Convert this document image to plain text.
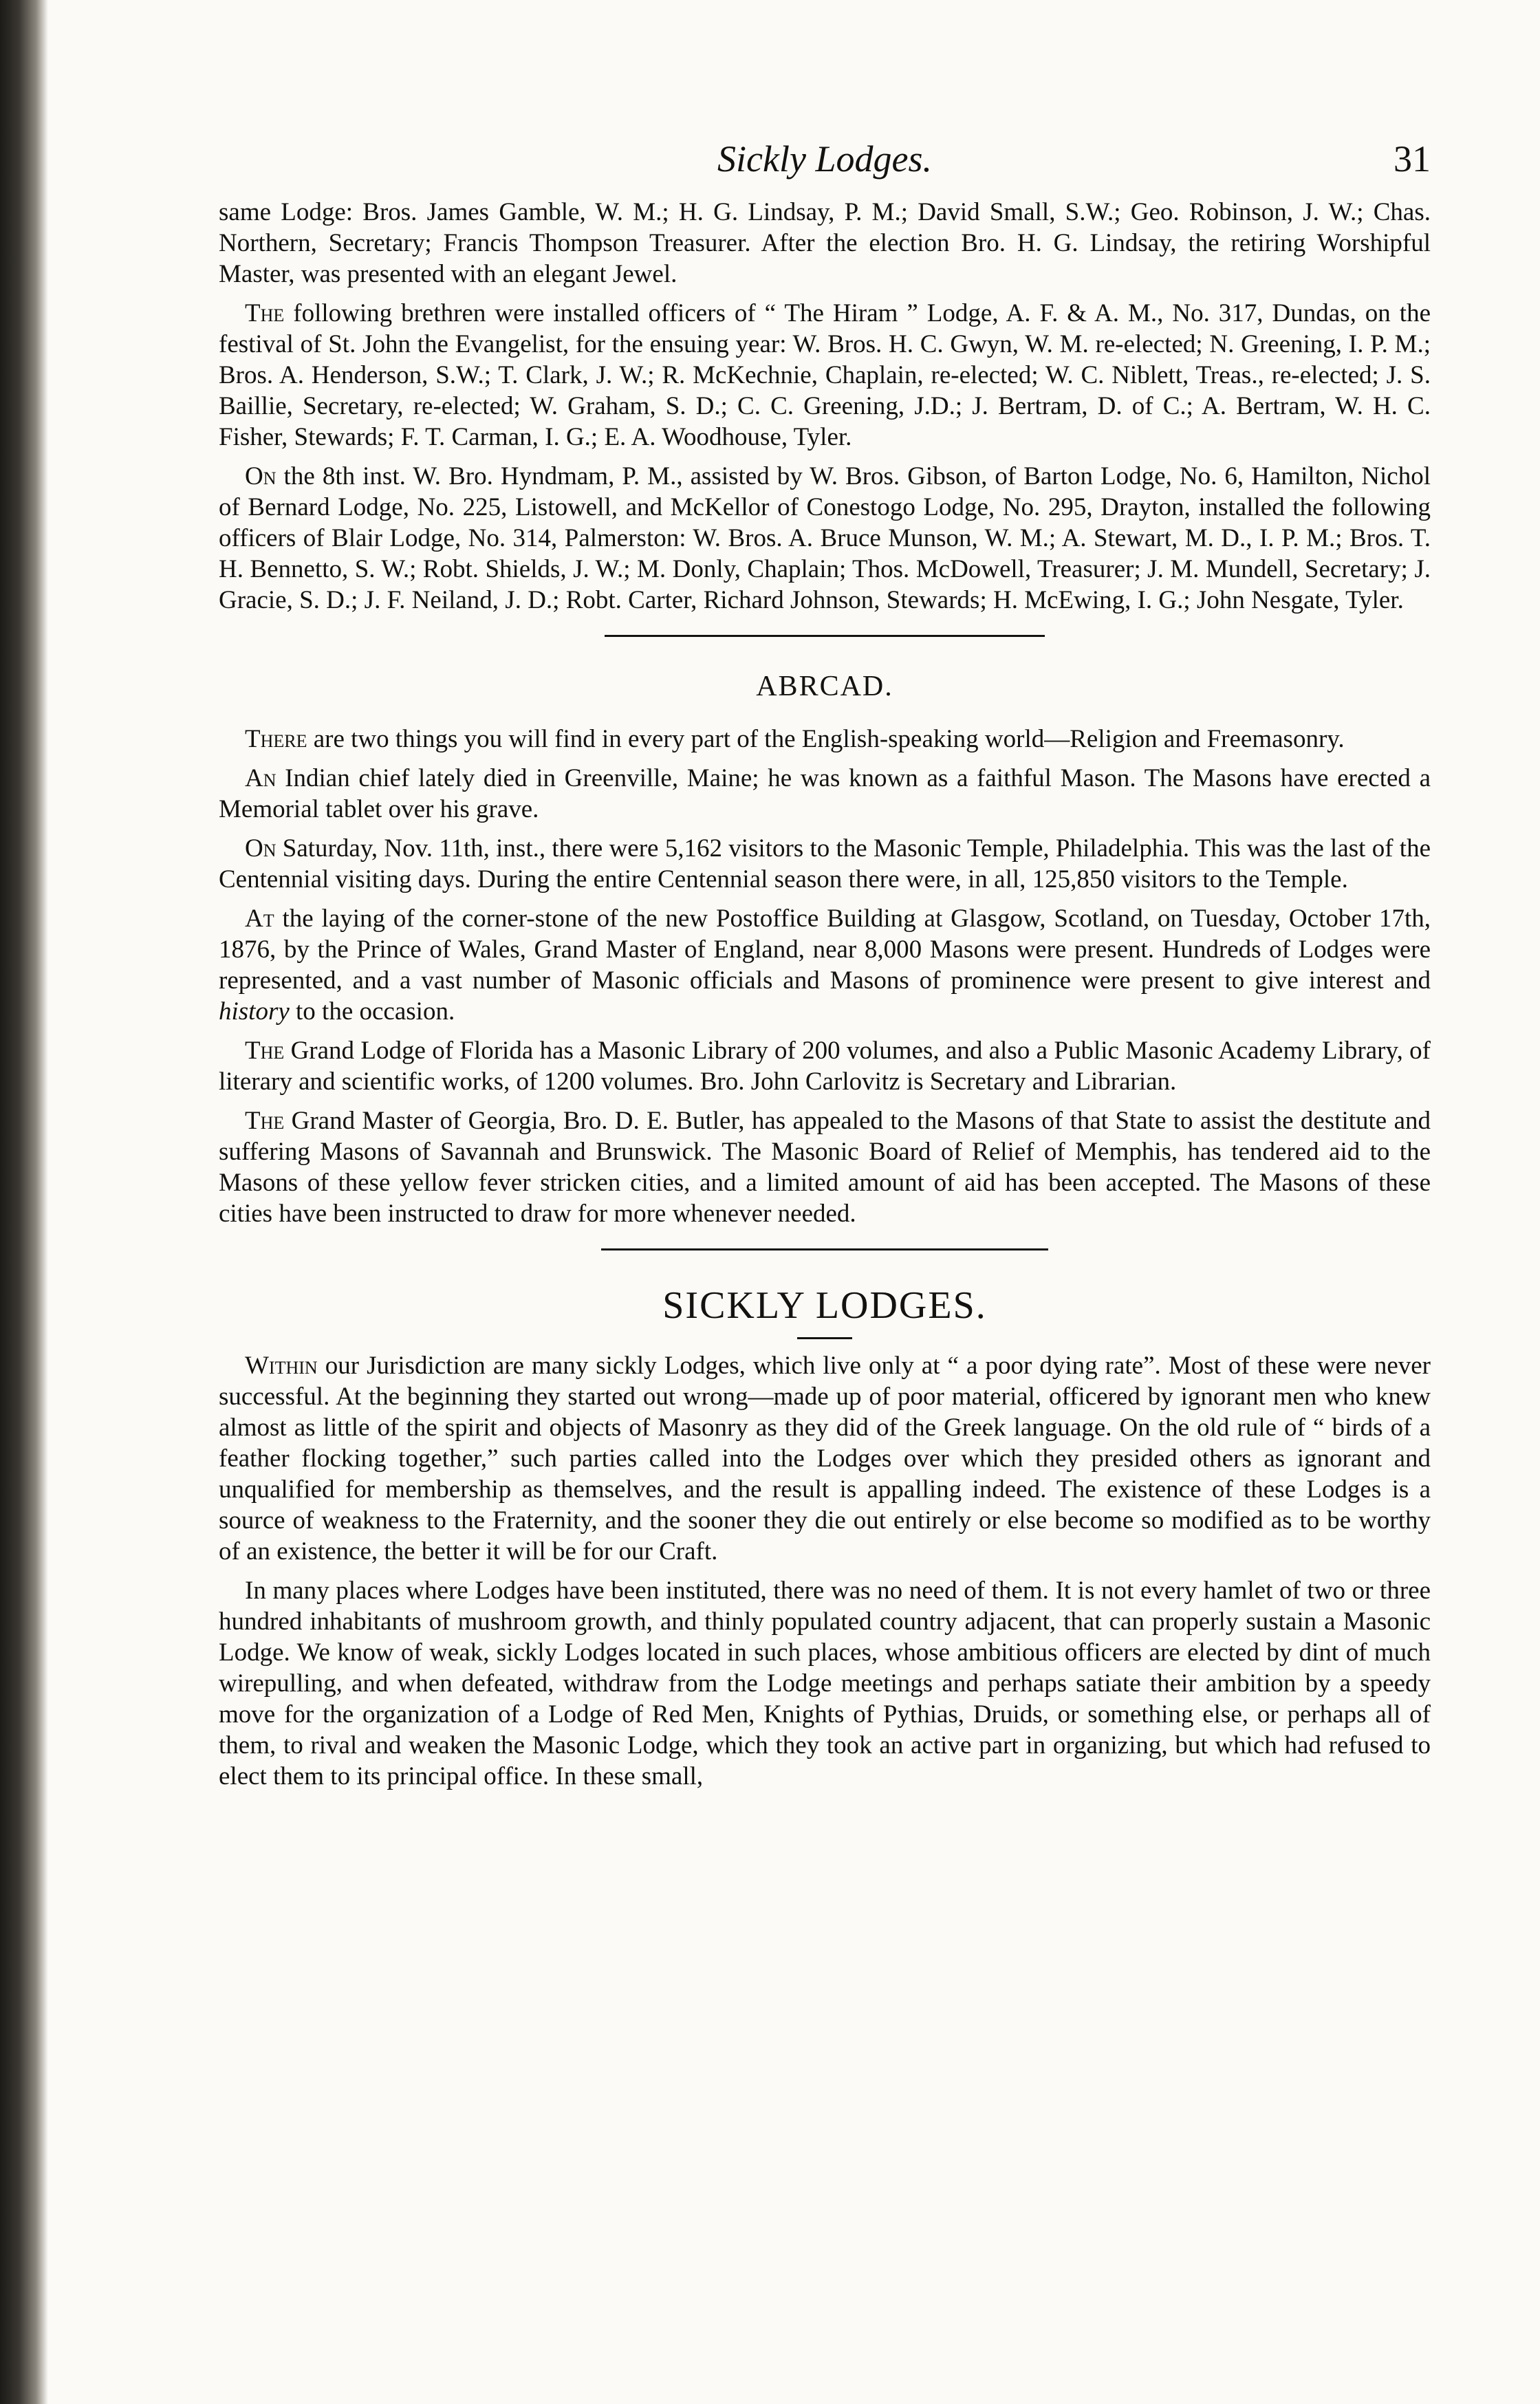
Sickly Lodges.	31

same Lodge: Bros. James Gamble, W. M.; H. G. Lindsay, P. M.; David Small, S.W.; Geo. Robinson, J. W.; Chas. Northern, Secretary; Francis Thompson Treasurer. After the election Bro. H. G. Lindsay, the retiring Worshipful Master, was presented with an elegant Jewel.

The following brethren were installed officers of “ The Hiram ” Lodge, A. F. & A. M., No. 317, Dundas, on the festival of St. John the Evangelist, for the ensuing year: W. Bros. H. C. Gwyn, W. M. re-elected; N. Greening, I. P. M.; Bros. A. Henderson, S.W.; T. Clark, J. W.; R. McKechnie, Chaplain, re-elected; W. C. Niblett, Treas., re-elected; J. S. Baillie, Secretary, re-elected; W. Graham, S. D.; C. C. Greening, J.D.; J. Bertram, D. of C.; A. Bertram, W. H. C. Fisher, Stewards; F. T. Carman, I. G.; E. A. Woodhouse, Tyler.

On the 8th inst. W. Bro. Hyndmam, P. M., assisted by W. Bros. Gibson, of Barton Lodge, No. 6, Hamilton, Nichol of Bernard Lodge, No. 225, Listowell, and McKellor of Conestogo Lodge, No. 295, Drayton, installed the following officers of Blair Lodge, No. 314, Palmerston: W. Bros. A. Bruce Munson, W. M.; A. Stewart, M. D., I. P. M.; Bros. T. H. Bennetto, S. W.; Robt. Shields, J. W.; M. Donly, Chaplain; Thos. McDowell, Treasurer; J. M. Mundell, Secretary; J. Gracie, S. D.; J. F. Neiland, J. D.; Robt. Carter, Richard Johnson, Stewards; H. McEwing, I. G.; John Nesgate, Tyler.

ABRCAD.

There are two things you will find in every part of the English-speaking world—Religion and Freemasonry.

An Indian chief lately died in Greenville, Maine; he was known as a faithful Mason. The Masons have erected a Memorial tablet over his grave.

On Saturday, Nov. 11th, inst., there were 5,162 visitors to the Masonic Temple, Philadelphia. This was the last of the Centennial visiting days. During the entire Centennial season there were, in all, 125,850 visitors to the Temple.

At the laying of the corner-stone of the new Postoffice Building at Glasgow, Scotland, on Tuesday, October 17th, 1876, by the Prince of Wales, Grand Master of England, near 8,000 Masons were present. Hundreds of Lodges were represented, and a vast number of Masonic officials and Masons of prominence were present to give interest and history to the occasion.

The Grand Lodge of Florida has a Masonic Library of 200 volumes, and also a Public Masonic Academy Library, of literary and scientific works, of 1200 volumes. Bro. John Carlovitz is Secretary and Librarian.

The Grand Master of Georgia, Bro. D. E. Butler, has appealed to the Masons of that State to assist the destitute and suffering Masons of Savannah and Brunswick. The Masonic Board of Relief of Memphis, has tendered aid to the Masons of these yellow fever stricken cities, and a limited amount of aid has been accepted. The Masons of these cities have been instructed to draw for more whenever needed.

SICKLY LODGES.

Within our Jurisdiction are many sickly Lodges, which live only at “ a poor dying rate”. Most of these were never successful. At the beginning they started out wrong—made up of poor material, officered by ignorant men who knew almost as little of the spirit and objects of Masonry as they did of the Greek language. On the old rule of “ birds of a feather flocking together,” such parties called into the Lodges over which they presided others as ignorant and unqualified for membership as themselves, and the result is appalling indeed. The existence of these Lodges is a source of weakness to the Fraternity, and the sooner they die out entirely or else become so modified as to be worthy of an existence, the better it will be for our Craft.

In many places where Lodges have been instituted, there was no need of them. It is not every hamlet of two or three hundred inhabitants of mushroom growth, and thinly populated country adjacent, that can properly sustain a Masonic Lodge. We know of weak, sickly Lodges located in such places, whose ambitious officers are elected by dint of much wirepulling, and when defeated, withdraw from the Lodge meetings and perhaps satiate their ambition by a speedy move for the organization of a Lodge of Red Men, Knights of Pythias, Druids, or something else, or perhaps all of them, to rival and weaken the Masonic Lodge, which they took an active part in organizing, but which had refused to elect them to its principal office. In these small,
